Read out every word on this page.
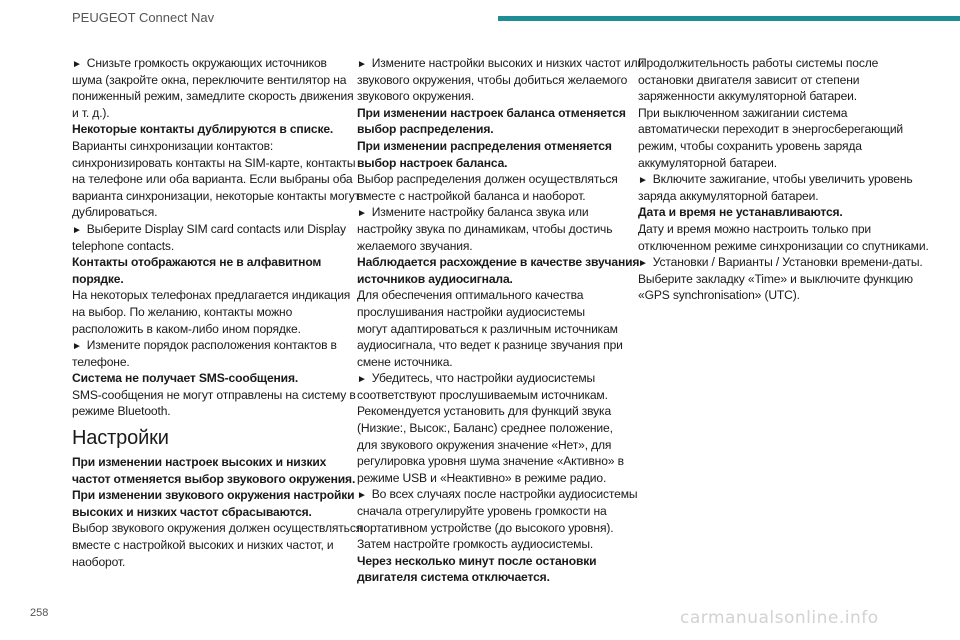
PEUGEOT Connect Nav
► Снизьте громкость окружающих источников
шума (закройте окна, переключите вентилятор на
пониженный режим, замедлите скорость движения
и т. д.).
Некоторые контакты дублируются в списке.
Варианты синхронизации контактов:
синхронизировать контакты на SIM-карте, контакты
на телефоне или оба варианта. Если выбраны оба
варианта синхронизации, некоторые контакты могут
дублироваться.
► Выберите Display SIM card contacts или Display
telephone contacts.
Контакты отображаются не в алфавитном
порядке.
На некоторых телефонах предлагается индикация
на выбор. По желанию, контакты можно
расположить в каком-либо ином порядке.
► Измените порядок расположения контактов в
телефоне.
Система не получает SMS-сообщения.
SMS-сообщения не могут отправлены на систему в
режиме Bluetooth.
Настройки
При изменении настроек высоких и низких
частот отменяется выбор звукового окружения.
При изменении звукового окружения настройки
высоких и низких частот сбрасываются.
Выбор звукового окружения должен осуществляться
вместе с настройкой высоких и низких частот, и
наоборот.
► Измените настройки высоких и низких частот или
звукового окружения, чтобы добиться желаемого
звукового окружения.
При изменении настроек баланса отменяется
выбор распределения.
При изменении распределения отменяется
выбор настроек баланса.
Выбор распределения должен осуществляться
вместе с настройкой баланса и наоборот.
► Измените настройку баланса звука или
настройку звука по динамикам, чтобы достичь
желаемого звучания.
Наблюдается расхождение в качестве звучания
источников аудиосигнала.
Для обеспечения оптимального качества
прослушивания настройки аудиосистемы
могут адаптироваться к различным источникам
аудиосигнала, что ведет к разнице звучания при
смене источника.
► Убедитесь, что настройки аудиосистемы
соответствуют прослушиваемым источникам.
Рекомендуется установить для функций звука
(Низкие:, Высок:, Баланс) среднее положение,
для звукового окружения значение «Нет», для
регулировка уровня шума значение «Активно» в
режиме USB и «Неактивно» в режиме радио.
► Во всех случаях после настройки аудиосистемы
сначала отрегулируйте уровень громкости на
портативном устройстве (до высокого уровня).
Затем настройте громкость аудиосистемы.
Через несколько минут после остановки
двигателя система отключается.
Продолжительность работы системы после
остановки двигателя зависит от степени
заряженности аккумуляторной батареи.
При выключенном зажигании система
автоматически переходит в энергосберегающий
режим, чтобы сохранить уровень заряда
аккумуляторной батареи.
► Включите зажигание, чтобы увеличить уровень
заряда аккумуляторной батареи.
Дата и время не устанавливаются.
Дату и время можно настроить только при
отключенном режиме синхронизации со спутниками.
► Установки / Варианты / Установки времени-даты.
Выберите закладку «Time» и выключите функцию
«GPS synchronisation» (UTC).
258	carmanualsonline.info
